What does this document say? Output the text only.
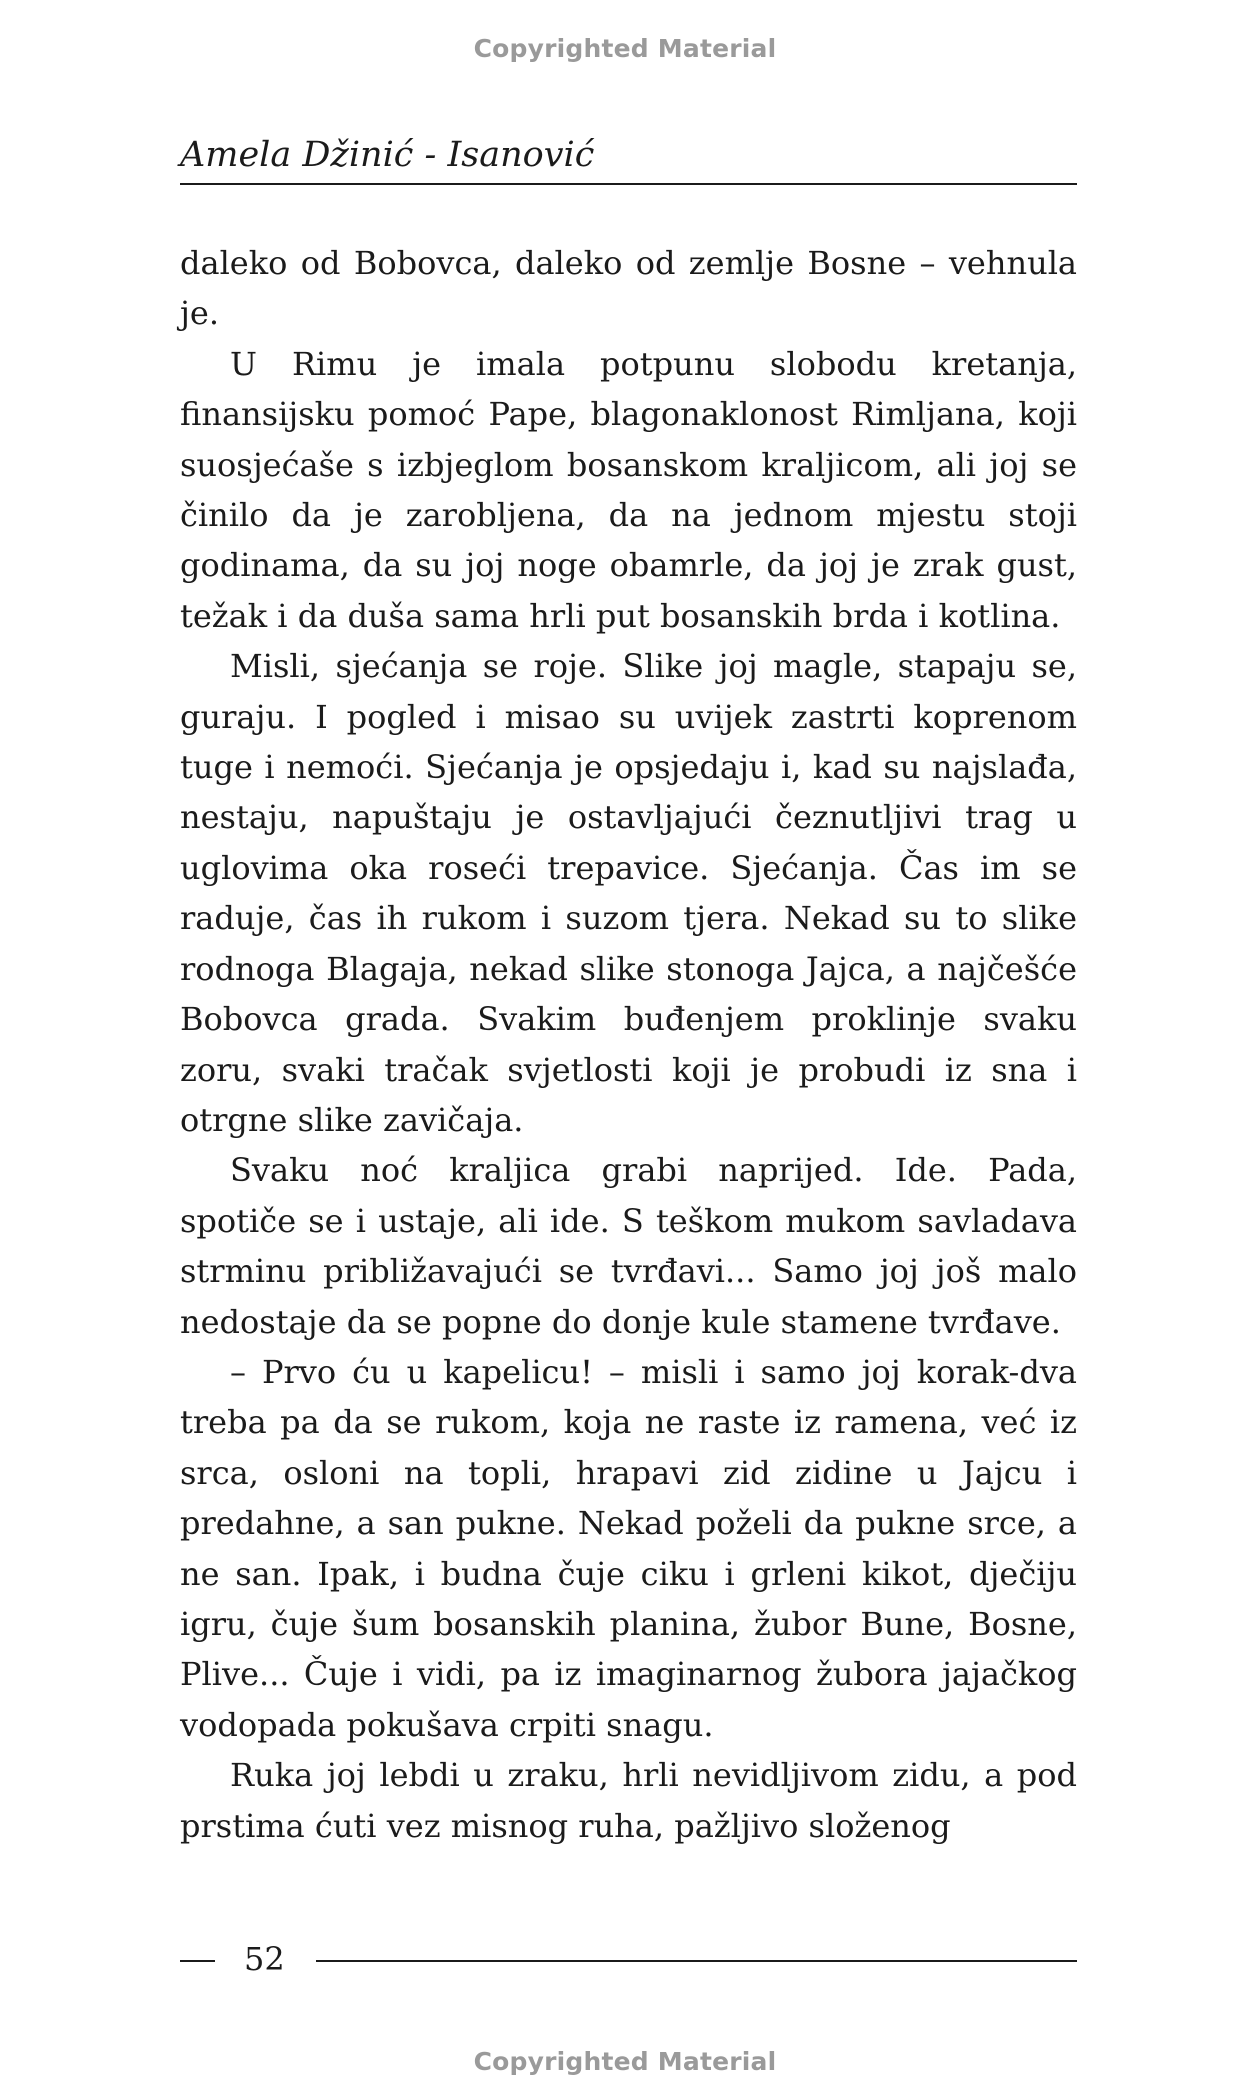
Copyrighted Material
Amela Džinić - Isanović

daleko od Bobovca, daleko od zemlje Bosne – vehnula je.

U Rimu je imala potpunu slobodu kretanja, finansijsku pomoć Pape, blagonaklonost Rimljana, koji suosjećaše s izbjeglom bosanskom kraljicom, ali joj se činilo da je zarobljena, da na jednom mjestu stoji godinama, da su joj noge obamrle, da joj je zrak gust, težak i da duša sama hrli put bosanskih brda i kotlina.

Misli, sjećanja se roje. Slike joj magle, stapaju se, guraju. I pogled i misao su uvijek zastrti koprenom tuge i nemoći. Sjećanja je opsjedaju i, kad su najslađa, nestaju, napuštaju je ostavljajući čeznutljivi trag u uglovima oka roseći trepavice. Sjećanja. Čas im se raduje, čas ih rukom i suzom tjera. Nekad su to slike rodnoga Blagaja, nekad slike stonoga Jajca, a najčešće Bobovca grada. Svakim buđenjem proklinje svaku zoru, svaki tračak svjetlosti koji je probudi iz sna i otrgne slike zavičaja.

Svaku noć kraljica grabi naprijed. Ide. Pada, spotiče se i ustaje, ali ide. S teškom mukom savladava strminu približavajući se tvrđavi... Samo joj još malo nedostaje da se popne do donje kule stamene tvrđave.

– Prvo ću u kapelicu! – misli i samo joj korak-dva treba pa da se rukom, koja ne raste iz ramena, već iz srca, osloni na topli, hrapavi zid zidine u Jajcu i predahne, a san pukne. Nekad poželi da pukne srce, a ne san. Ipak, i budna čuje ciku i grleni kikot, dječiju igru, čuje šum bosanskih planina, žubor Bune, Bosne, Plive... Čuje i vidi, pa iz imaginarnog žubora jajačkog vodopada pokušava crpiti snagu.

Ruka joj lebdi u zraku, hrli nevidljivom zidu, a pod prstima ćuti vez misnog ruha, pažljivo složenog

52
Copyrighted Material
